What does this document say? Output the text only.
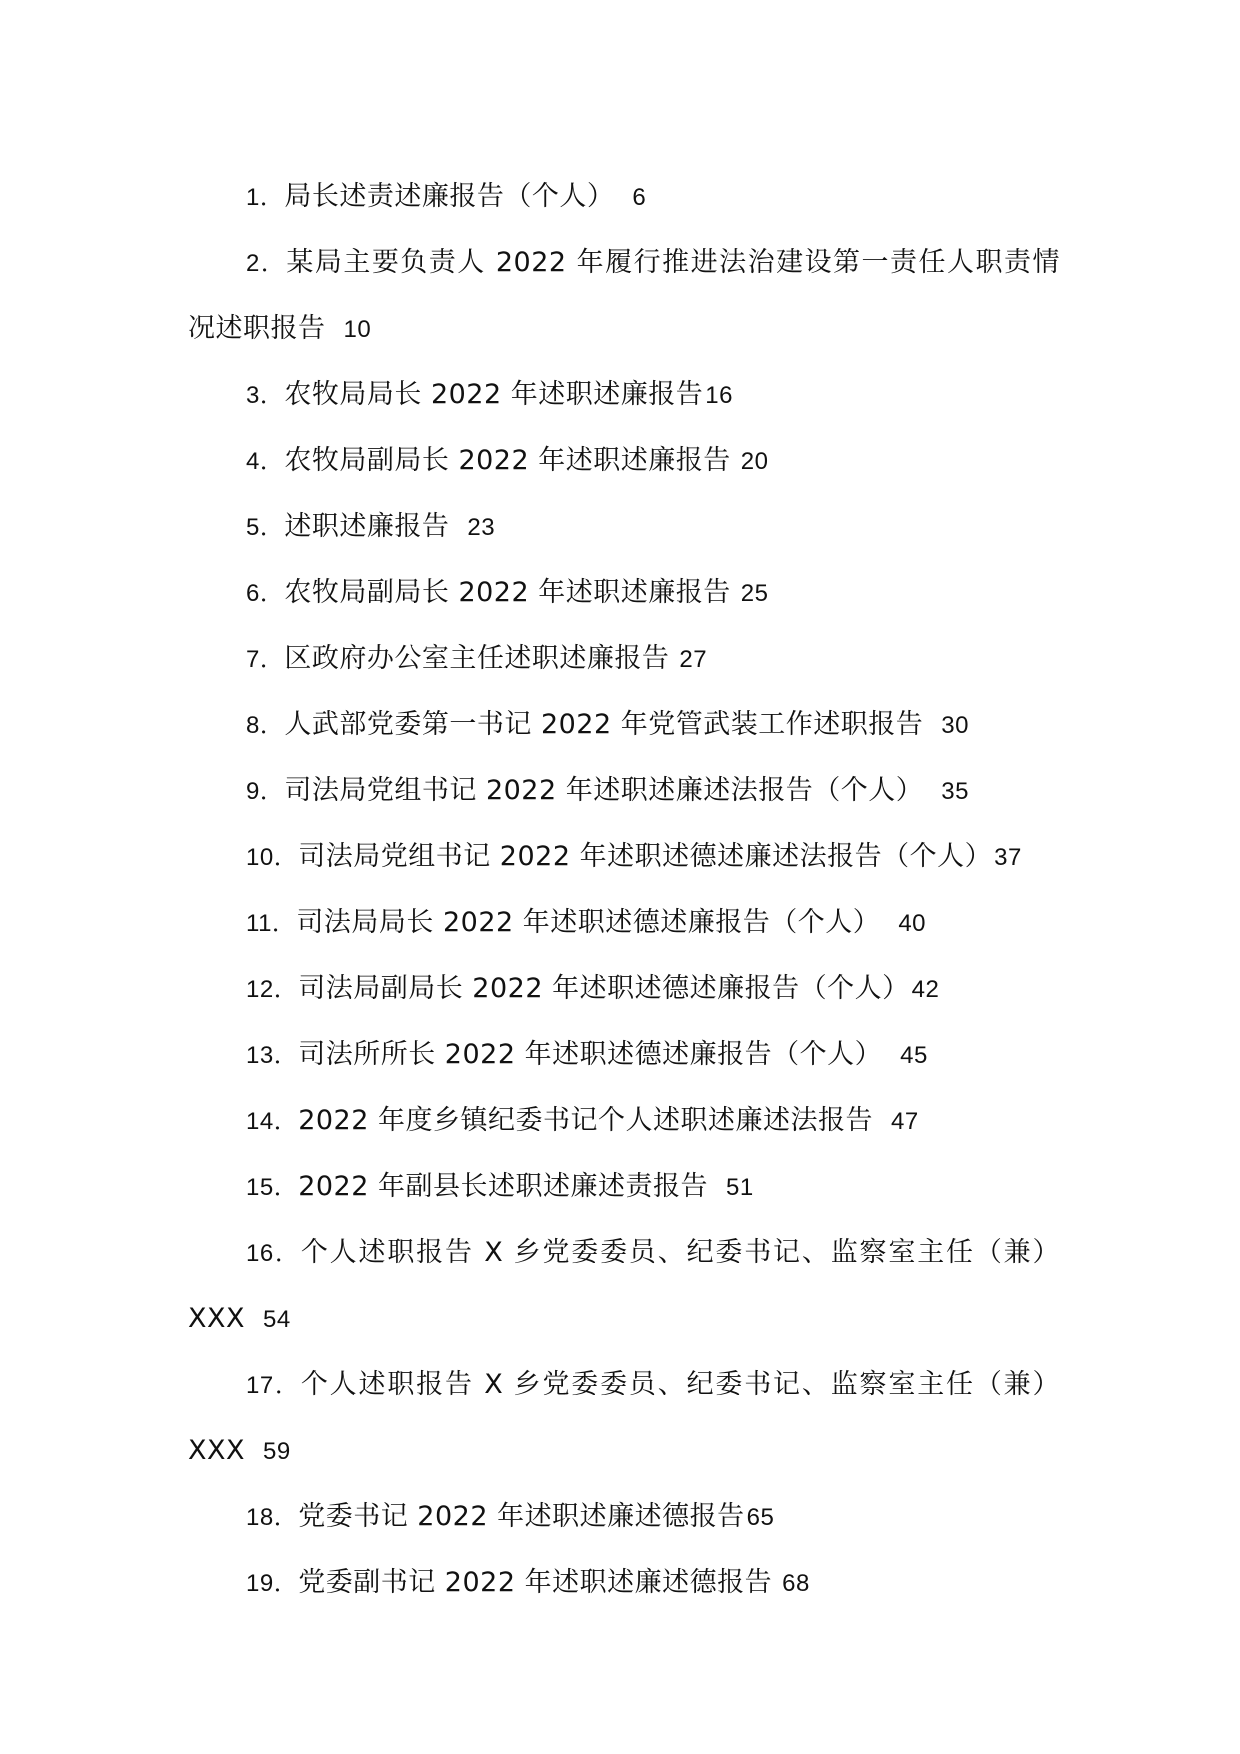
1．局长述责述廉报告（个人） 6
2．某局主要负责人 2022 年履行推进法治建设第一责任人职责情况述职报告 10
3．农牧局局长 2022 年述职述廉报告16
4．农牧局副局长 2022 年述职述廉报告 20
5．述职述廉报告 23
6．农牧局副局长 2022 年述职述廉报告 25
7．区政府办公室主任述职述廉报告 27
8．人武部党委第一书记 2022 年党管武装工作述职报告 30
9．司法局党组书记 2022 年述职述廉述法报告（个人） 35
10．司法局党组书记 2022 年述职述德述廉述法报告（个人）37
11．司法局局长 2022 年述职述德述廉报告（个人） 40
12．司法局副局长 2022 年述职述德述廉报告（个人）42
13．司法所所长 2022 年述职述德述廉报告（个人） 45
14．2022 年度乡镇纪委书记个人述职述廉述法报告 47
15．2022 年副县长述职述廉述责报告 51
16．个人述职报告 X 乡党委委员、纪委书记、监察室主任（兼）XXX 54
17．个人述职报告 X 乡党委委员、纪委书记、监察室主任（兼）XXX 59
18．党委书记 2022 年述职述廉述德报告65
19．党委副书记 2022 年述职述廉述德报告 68
